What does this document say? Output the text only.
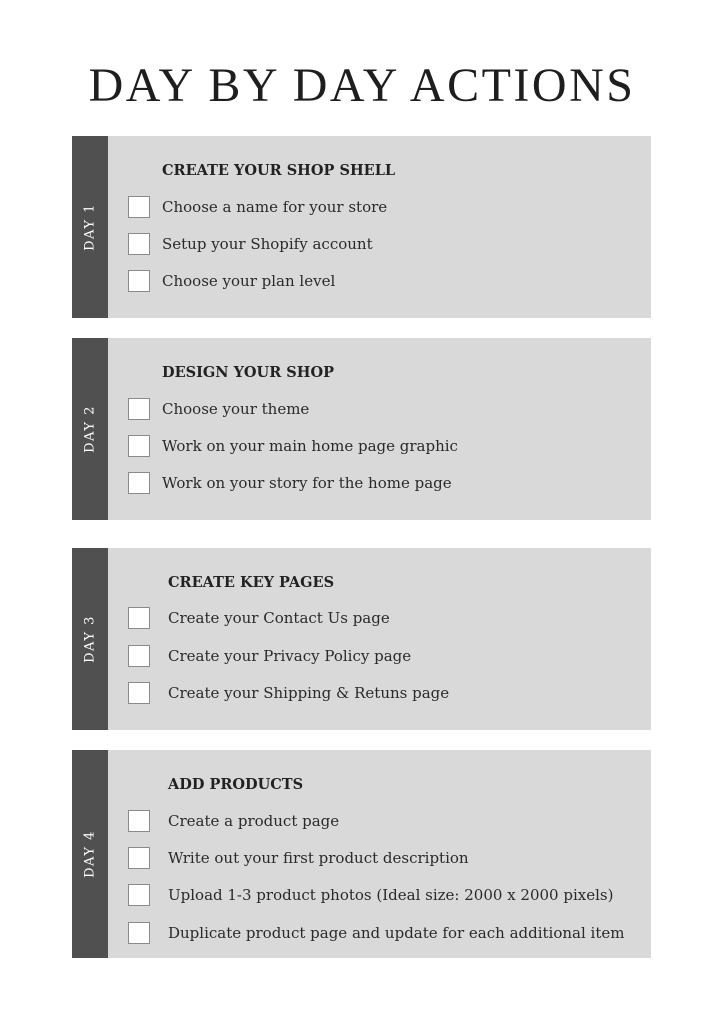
DAY BY DAY ACTIONS
DAY 1
CREATE YOUR SHOP SHELL
Choose a name for your store
Setup your Shopify account
Choose your plan level
DAY 2
DESIGN YOUR SHOP
Choose your theme
Work on your main home page graphic
Work on your story for the home page
DAY 3
CREATE KEY PAGES
Create your Contact Us page
Create your Privacy Policy page
Create your Shipping & Retuns page
DAY 4
ADD PRODUCTS
Create a product page
Write out your first product description
Upload 1-3 product photos (Ideal size: 2000 x 2000 pixels)
Duplicate product page and update for each additional item
